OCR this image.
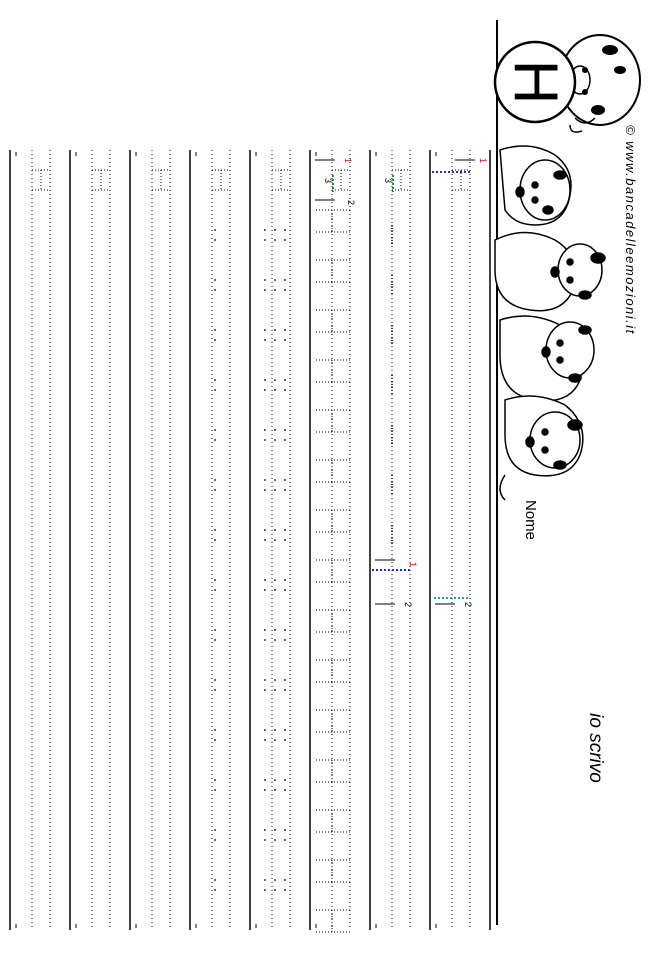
1
2
3
1
2
3
2
1
H
© www.bancadelleemozioni.it
Nome
io scrivo
